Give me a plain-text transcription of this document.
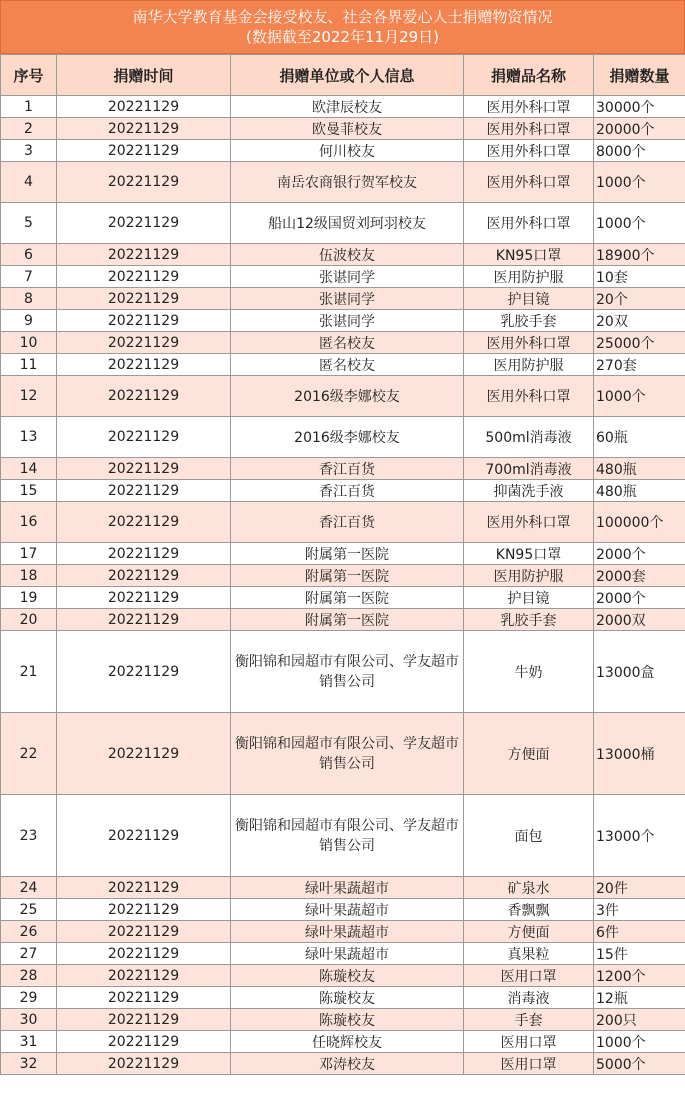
南华大学教育基金会接受校友、社会各界爱心人士捐赠物资情况
(数据截至2022年11月29日)
序号	捐赠时间	捐赠单位或个人信息	捐赠品名称	捐赠数量
1	20221129	欧津辰校友	医用外科口罩	30000个
2	20221129	欧曼菲校友	医用外科口罩	20000个
3	20221129	何川校友	医用外科口罩	8000个
4	20221129	南岳农商银行贺军校友	医用外科口罩	1000个
5	20221129	船山12级国贸刘珂羽校友	医用外科口罩	1000个
6	20221129	伍波校友	KN95口罩	18900个
7	20221129	张谌同学	医用防护服	10套
8	20221129	张谌同学	护目镜	20个
9	20221129	张谌同学	乳胶手套	20双
10	20221129	匿名校友	医用外科口罩	25000个
11	20221129	匿名校友	医用防护服	270套
12	20221129	2016级李娜校友	医用外科口罩	1000个
13	20221129	2016级李娜校友	500ml消毒液	60瓶
14	20221129	香江百货	700ml消毒液	480瓶
15	20221129	香江百货	抑菌洗手液	480瓶
16	20221129	香江百货	医用外科口罩	100000个
17	20221129	附属第一医院	KN95口罩	2000个
18	20221129	附属第一医院	医用防护服	2000套
19	20221129	附属第一医院	护目镜	2000个
20	20221129	附属第一医院	乳胶手套	2000双
21	20221129	衡阳锦和园超市有限公司、学友超市销售公司	牛奶	13000盒
22	20221129	衡阳锦和园超市有限公司、学友超市销售公司	方便面	13000桶
23	20221129	衡阳锦和园超市有限公司、学友超市销售公司	面包	13000个
24	20221129	绿叶果蔬超市	矿泉水	20件
25	20221129	绿叶果蔬超市	香飘飘	3件
26	20221129	绿叶果蔬超市	方便面	6件
27	20221129	绿叶果蔬超市	真果粒	15件
28	20221129	陈璇校友	医用口罩	1200个
29	20221129	陈璇校友	消毒液	12瓶
30	20221129	陈璇校友	手套	200只
31	20221129	任晓辉校友	医用口罩	1000个
32	20221129	邓涛校友	医用口罩	5000个
